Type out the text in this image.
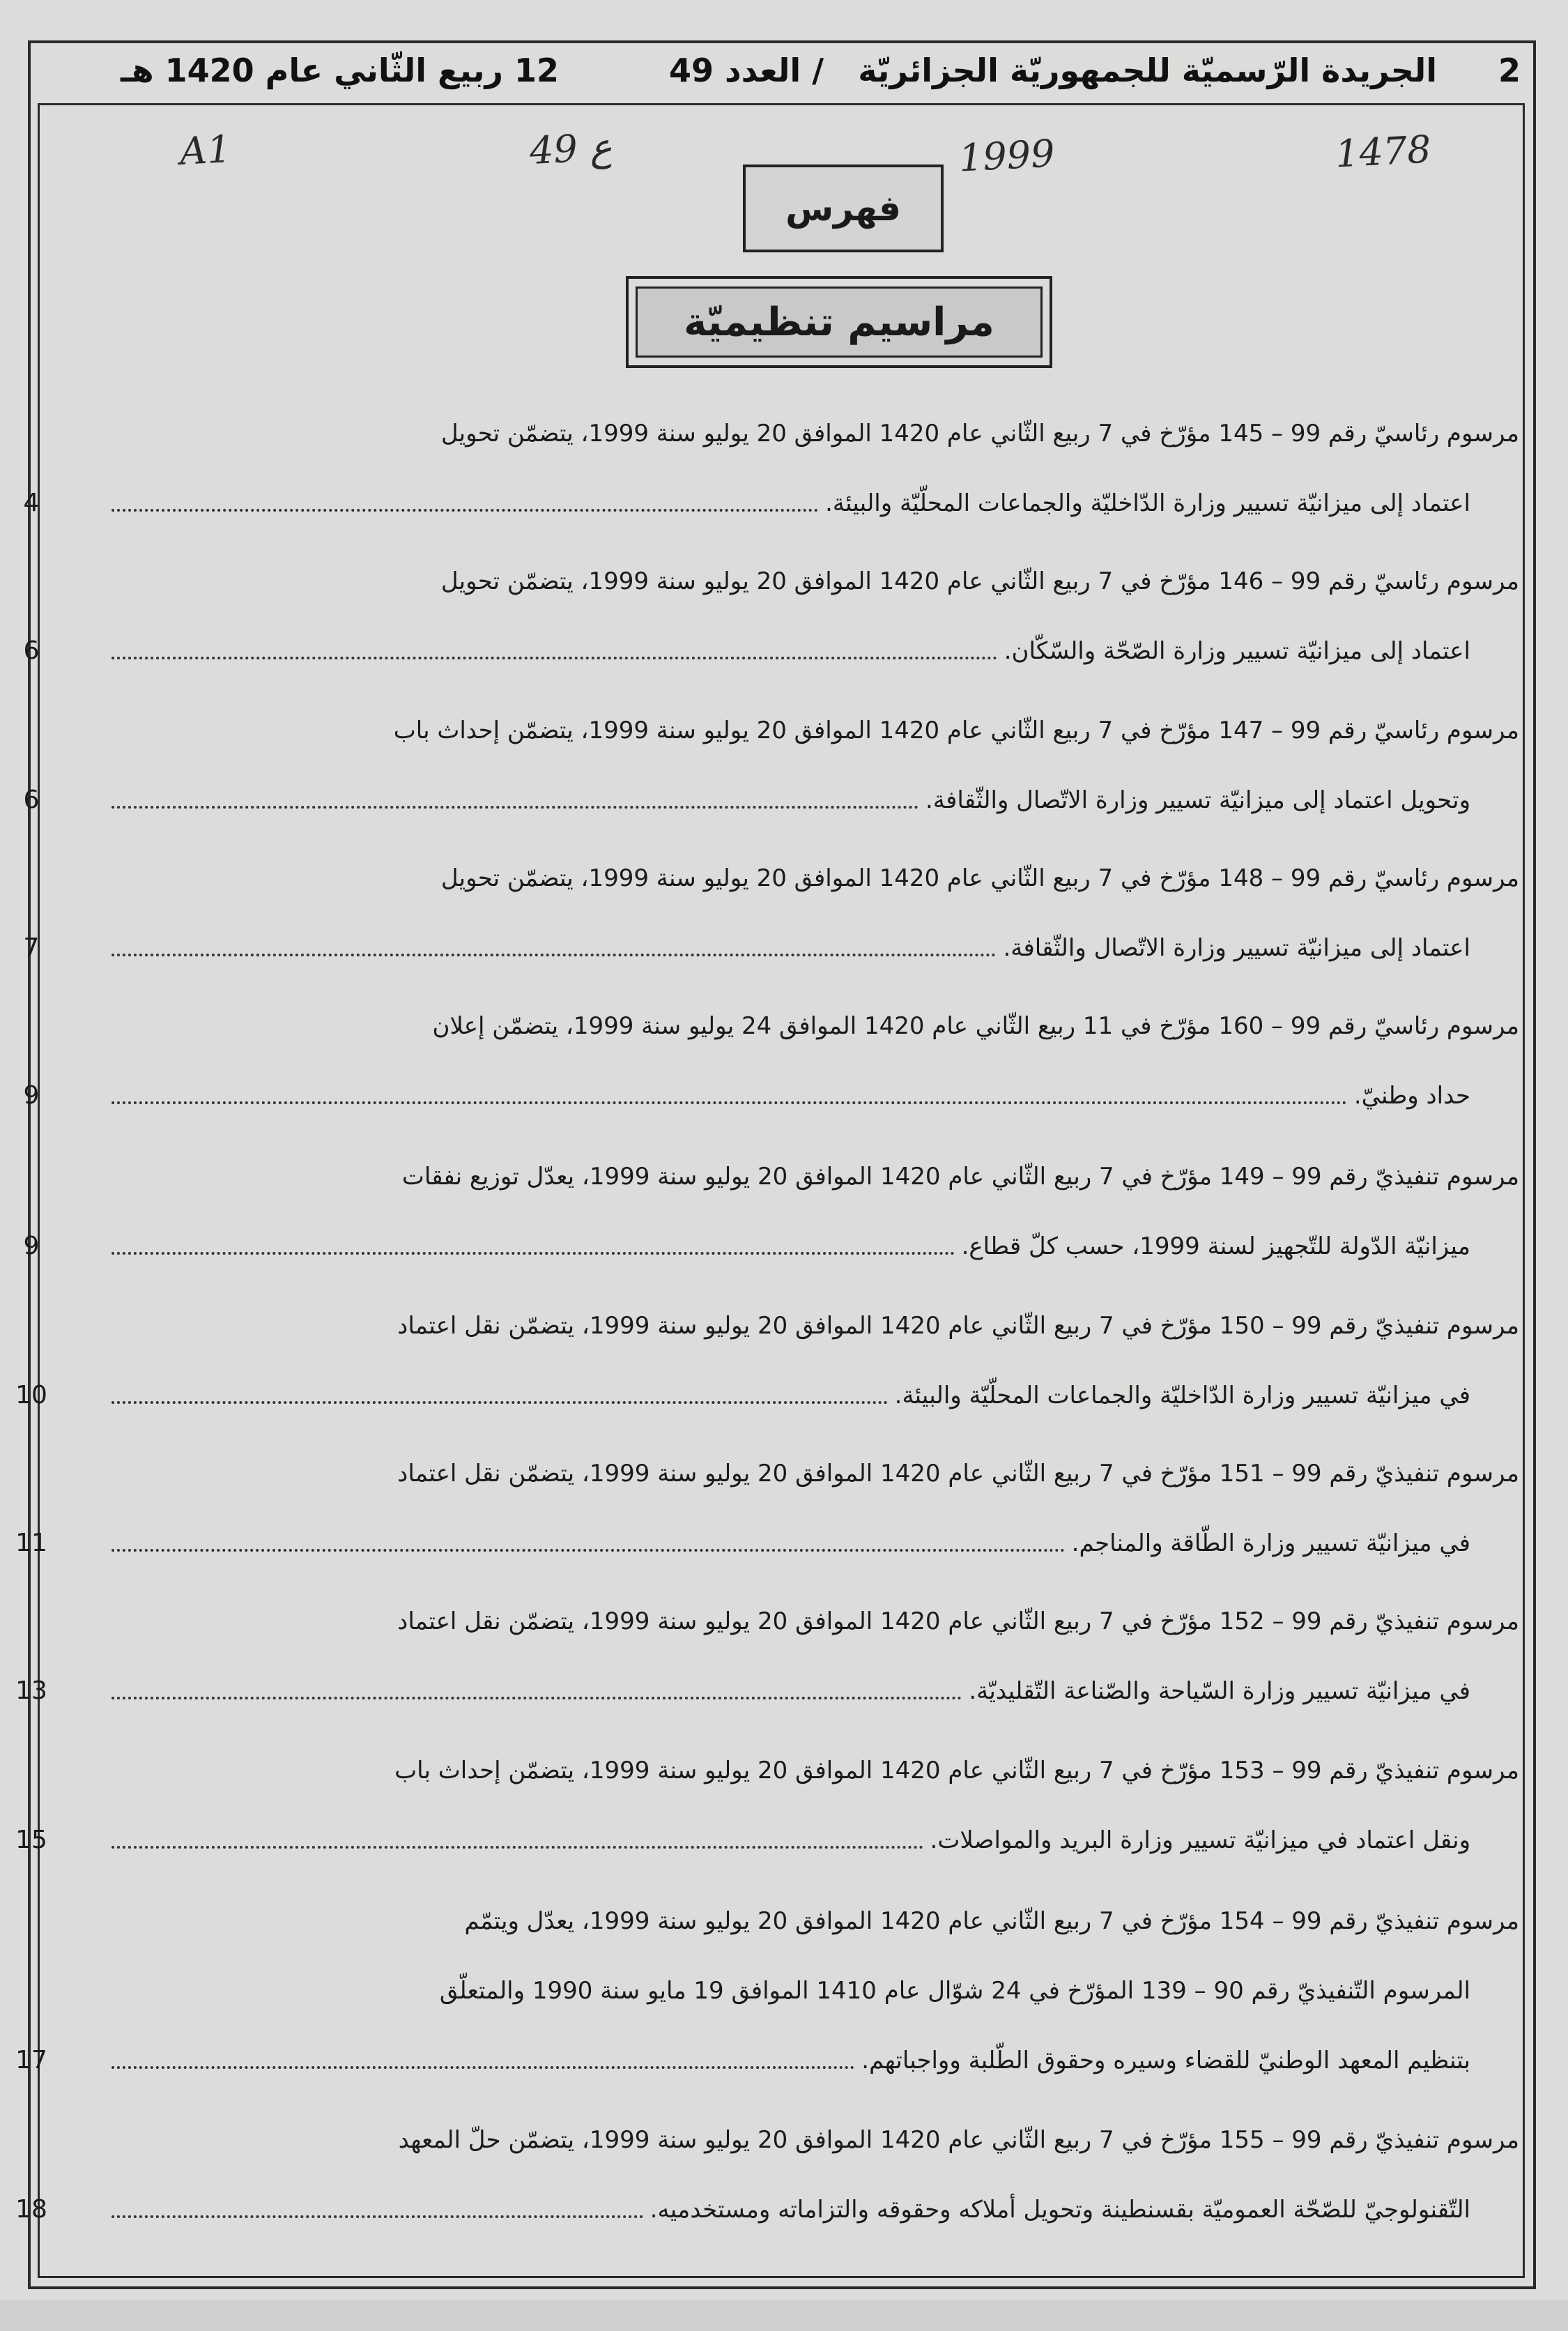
2
الجريدة الرّسميّة للجمهوريّة الجزائريّة
/ العدد 49
12 ربيع الثّاني عام 1420 هـ
A1	49 ع	1999	1478
فهرس
مراسيم تنظيميّة
مرسوم رئاسيّ رقم 99 – 145 مؤرّخ في 7 ربيع الثّاني عام 1420 الموافق 20 يوليو سنة 1999، يتضمّن تحويل
اعتماد إلى ميزانيّة تسيير وزارة الدّاخليّة والجماعات المحلّيّة والبيئة.
4
مرسوم رئاسيّ رقم 99 – 146 مؤرّخ في 7 ربيع الثّاني عام 1420 الموافق 20 يوليو سنة 1999، يتضمّن تحويل
اعتماد إلى ميزانيّة تسيير وزارة الصّحّة والسّكّان.
6
مرسوم رئاسيّ رقم 99 – 147 مؤرّخ في 7 ربيع الثّاني عام 1420 الموافق 20 يوليو سنة 1999، يتضمّن إحداث باب
وتحويل اعتماد إلى ميزانيّة تسيير وزارة الاتّصال والثّقافة.
6
مرسوم رئاسيّ رقم 99 – 148 مؤرّخ في 7 ربيع الثّاني عام 1420 الموافق 20 يوليو سنة 1999، يتضمّن تحويل
اعتماد إلى ميزانيّة تسيير وزارة الاتّصال والثّقافة.
7
مرسوم رئاسيّ رقم 99 – 160 مؤرّخ في 11 ربيع الثّاني عام 1420 الموافق 24 يوليو سنة 1999، يتضمّن إعلان
حداد وطنيّ.
9
مرسوم تنفيذيّ رقم 99 – 149 مؤرّخ في 7 ربيع الثّاني عام 1420 الموافق 20 يوليو سنة 1999، يعدّل توزيع نفقات
ميزانيّة الدّولة للتّجهيز لسنة 1999، حسب كلّ قطاع.
9
مرسوم تنفيذيّ رقم 99 – 150 مؤرّخ في 7 ربيع الثّاني عام 1420 الموافق 20 يوليو سنة 1999، يتضمّن نقل اعتماد
في ميزانيّة تسيير وزارة الدّاخليّة والجماعات المحلّيّة والبيئة.
10
مرسوم تنفيذيّ رقم 99 – 151 مؤرّخ في 7 ربيع الثّاني عام 1420 الموافق 20 يوليو سنة 1999، يتضمّن نقل اعتماد
في ميزانيّة تسيير وزارة الطّاقة والمناجم.
11
مرسوم تنفيذيّ رقم 99 – 152 مؤرّخ في 7 ربيع الثّاني عام 1420 الموافق 20 يوليو سنة 1999، يتضمّن نقل اعتماد
في ميزانيّة تسيير وزارة السّياحة والصّناعة التّقليديّة.
13
مرسوم تنفيذيّ رقم 99 – 153 مؤرّخ في 7 ربيع الثّاني عام 1420 الموافق 20 يوليو سنة 1999، يتضمّن إحداث باب
ونقل اعتماد في ميزانيّة تسيير وزارة البريد والمواصلات.
15
مرسوم تنفيذيّ رقم 99 – 154 مؤرّخ في 7 ربيع الثّاني عام 1420 الموافق 20 يوليو سنة 1999، يعدّل ويتمّم
المرسوم التّنفيذيّ رقم 90 – 139 المؤرّخ في 24 شوّال عام 1410 الموافق 19 مايو سنة 1990 والمتعلّق
بتنظيم المعهد الوطنيّ للقضاء وسيره وحقوق الطّلبة وواجباتهم.
17
مرسوم تنفيذيّ رقم 99 – 155 مؤرّخ في 7 ربيع الثّاني عام 1420 الموافق 20 يوليو سنة 1999، يتضمّن حلّ المعهد
التّقنولوجيّ للصّحّة العموميّة بقسنطينة وتحويل أملاكه وحقوقه والتزاماته ومستخدميه.
18
